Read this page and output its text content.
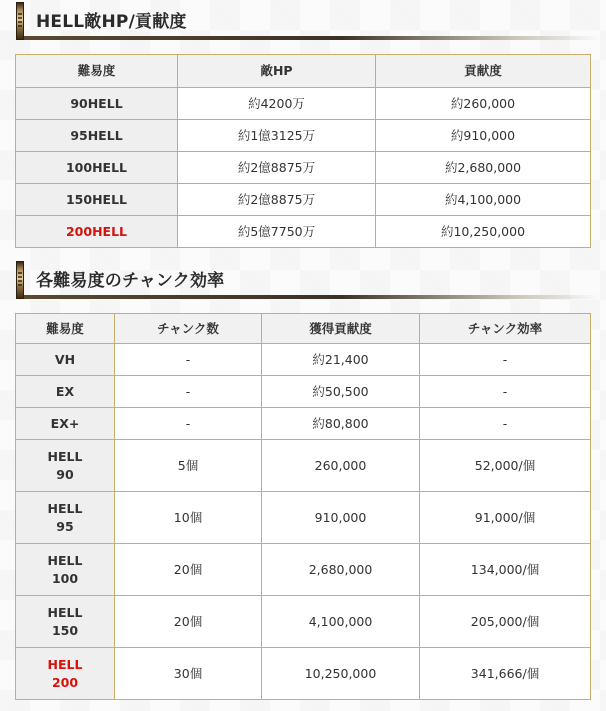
HELL敵HP/貢献度
難易度	敵HP	貢献度
90HELL	約4200万	約260,000
95HELL	約1億3125万	約910,000
100HELL	約2億8875万	約2,680,000
150HELL	約2億8875万	約4,100,000
200HELL	約5億7750万	約10,250,000
各難易度のチャンク効率
難易度	チャンク数	獲得貢献度	チャンク効率
VH	-	約21,400	-
EX	-	約50,500	-
EX+	-	約80,800	-
HELL
90	5個	260,000	52,000/個
HELL
95	10個	910,000	91,000/個
HELL
100	20個	2,680,000	134,000/個
HELL
150	20個	4,100,000	205,000/個
HELL
200	30個	10,250,000	341,666/個
